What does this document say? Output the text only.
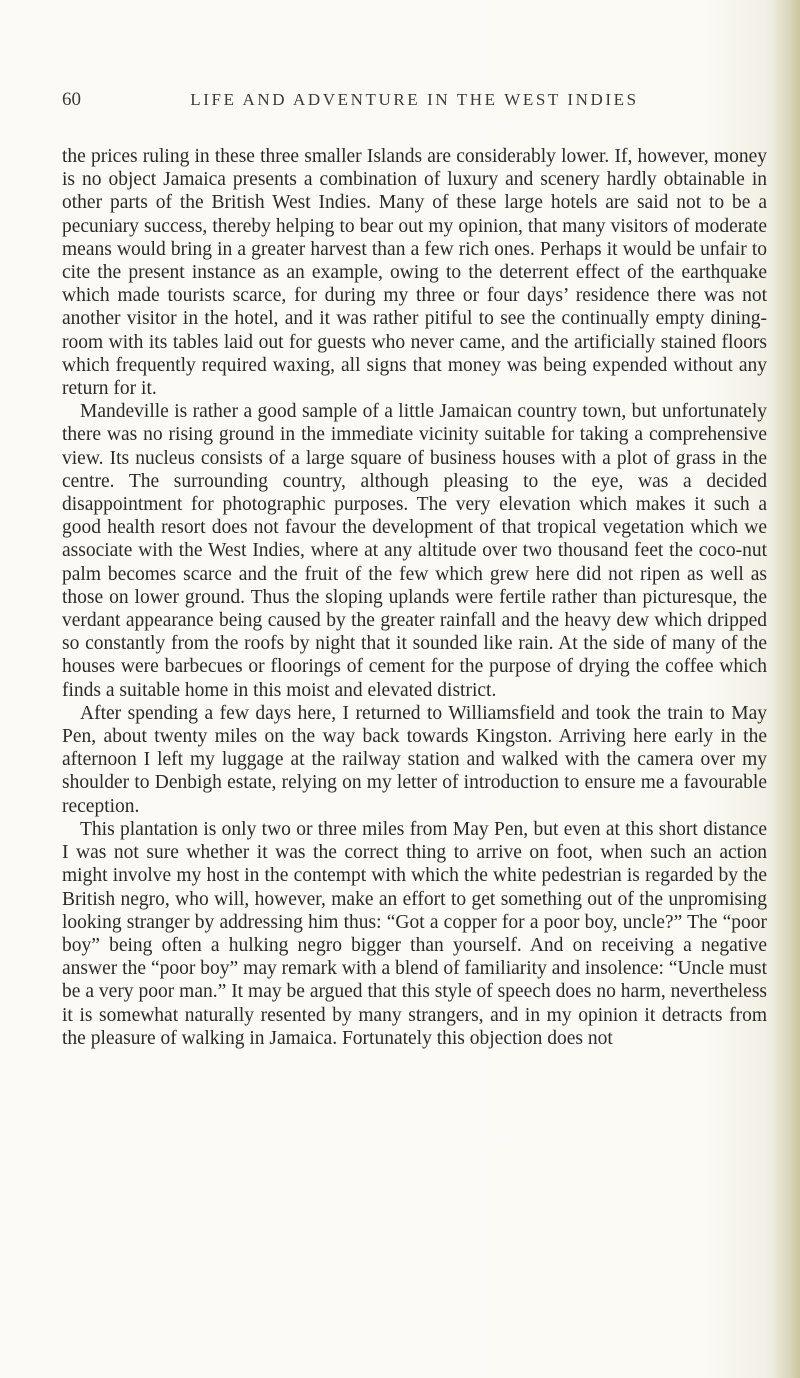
60	LIFE AND ADVENTURE IN THE WEST INDIES

the prices ruling in these three smaller Islands are considerably lower. If, however, money is no object Jamaica presents a combination of luxury and scenery hardly obtainable in other parts of the British West Indies. Many of these large hotels are said not to be a pecuniary success, thereby helping to bear out my opinion, that many visitors of moderate means would bring in a greater harvest than a few rich ones. Perhaps it would be unfair to cite the present instance as an example, owing to the deterrent effect of the earthquake which made tourists scarce, for during my three or four days’ residence there was not another visitor in the hotel, and it was rather pitiful to see the continually empty dining-room with its tables laid out for guests who never came, and the artificially stained floors which frequently required waxing, all signs that money was being expended without any return for it.

Mandeville is rather a good sample of a little Jamaican country town, but unfortunately there was no rising ground in the immediate vicinity suitable for taking a comprehensive view. Its nucleus consists of a large square of business houses with a plot of grass in the centre. The surrounding country, although pleasing to the eye, was a decided disappointment for photographic purposes. The very elevation which makes it such a good health resort does not favour the development of that tropical vegetation which we associate with the West Indies, where at any altitude over two thousand feet the coco-nut palm becomes scarce and the fruit of the few which grew here did not ripen as well as those on lower ground. Thus the sloping uplands were fertile rather than picturesque, the verdant appearance being caused by the greater rainfall and the heavy dew which dripped so constantly from the roofs by night that it sounded like rain. At the side of many of the houses were barbecues or floorings of cement for the purpose of drying the coffee which finds a suitable home in this moist and elevated district.

After spending a few days here, I returned to Williamsfield and took the train to May Pen, about twenty miles on the way back towards Kingston. Arriving here early in the afternoon I left my luggage at the railway station and walked with the camera over my shoulder to Denbigh estate, relying on my letter of introduction to ensure me a favourable reception.

This plantation is only two or three miles from May Pen, but even at this short distance I was not sure whether it was the correct thing to arrive on foot, when such an action might involve my host in the contempt with which the white pedestrian is regarded by the British negro, who will, however, make an effort to get something out of the unpromising looking stranger by addressing him thus: “Got a copper for a poor boy, uncle?” The “poor boy” being often a hulking negro bigger than yourself. And on receiving a negative answer the “poor boy” may remark with a blend of familiarity and insolence: “Uncle must be a very poor man.” It may be argued that this style of speech does no harm, nevertheless it is somewhat naturally resented by many strangers, and in my opinion it detracts from the pleasure of walking in Jamaica. Fortunately this objection does not
